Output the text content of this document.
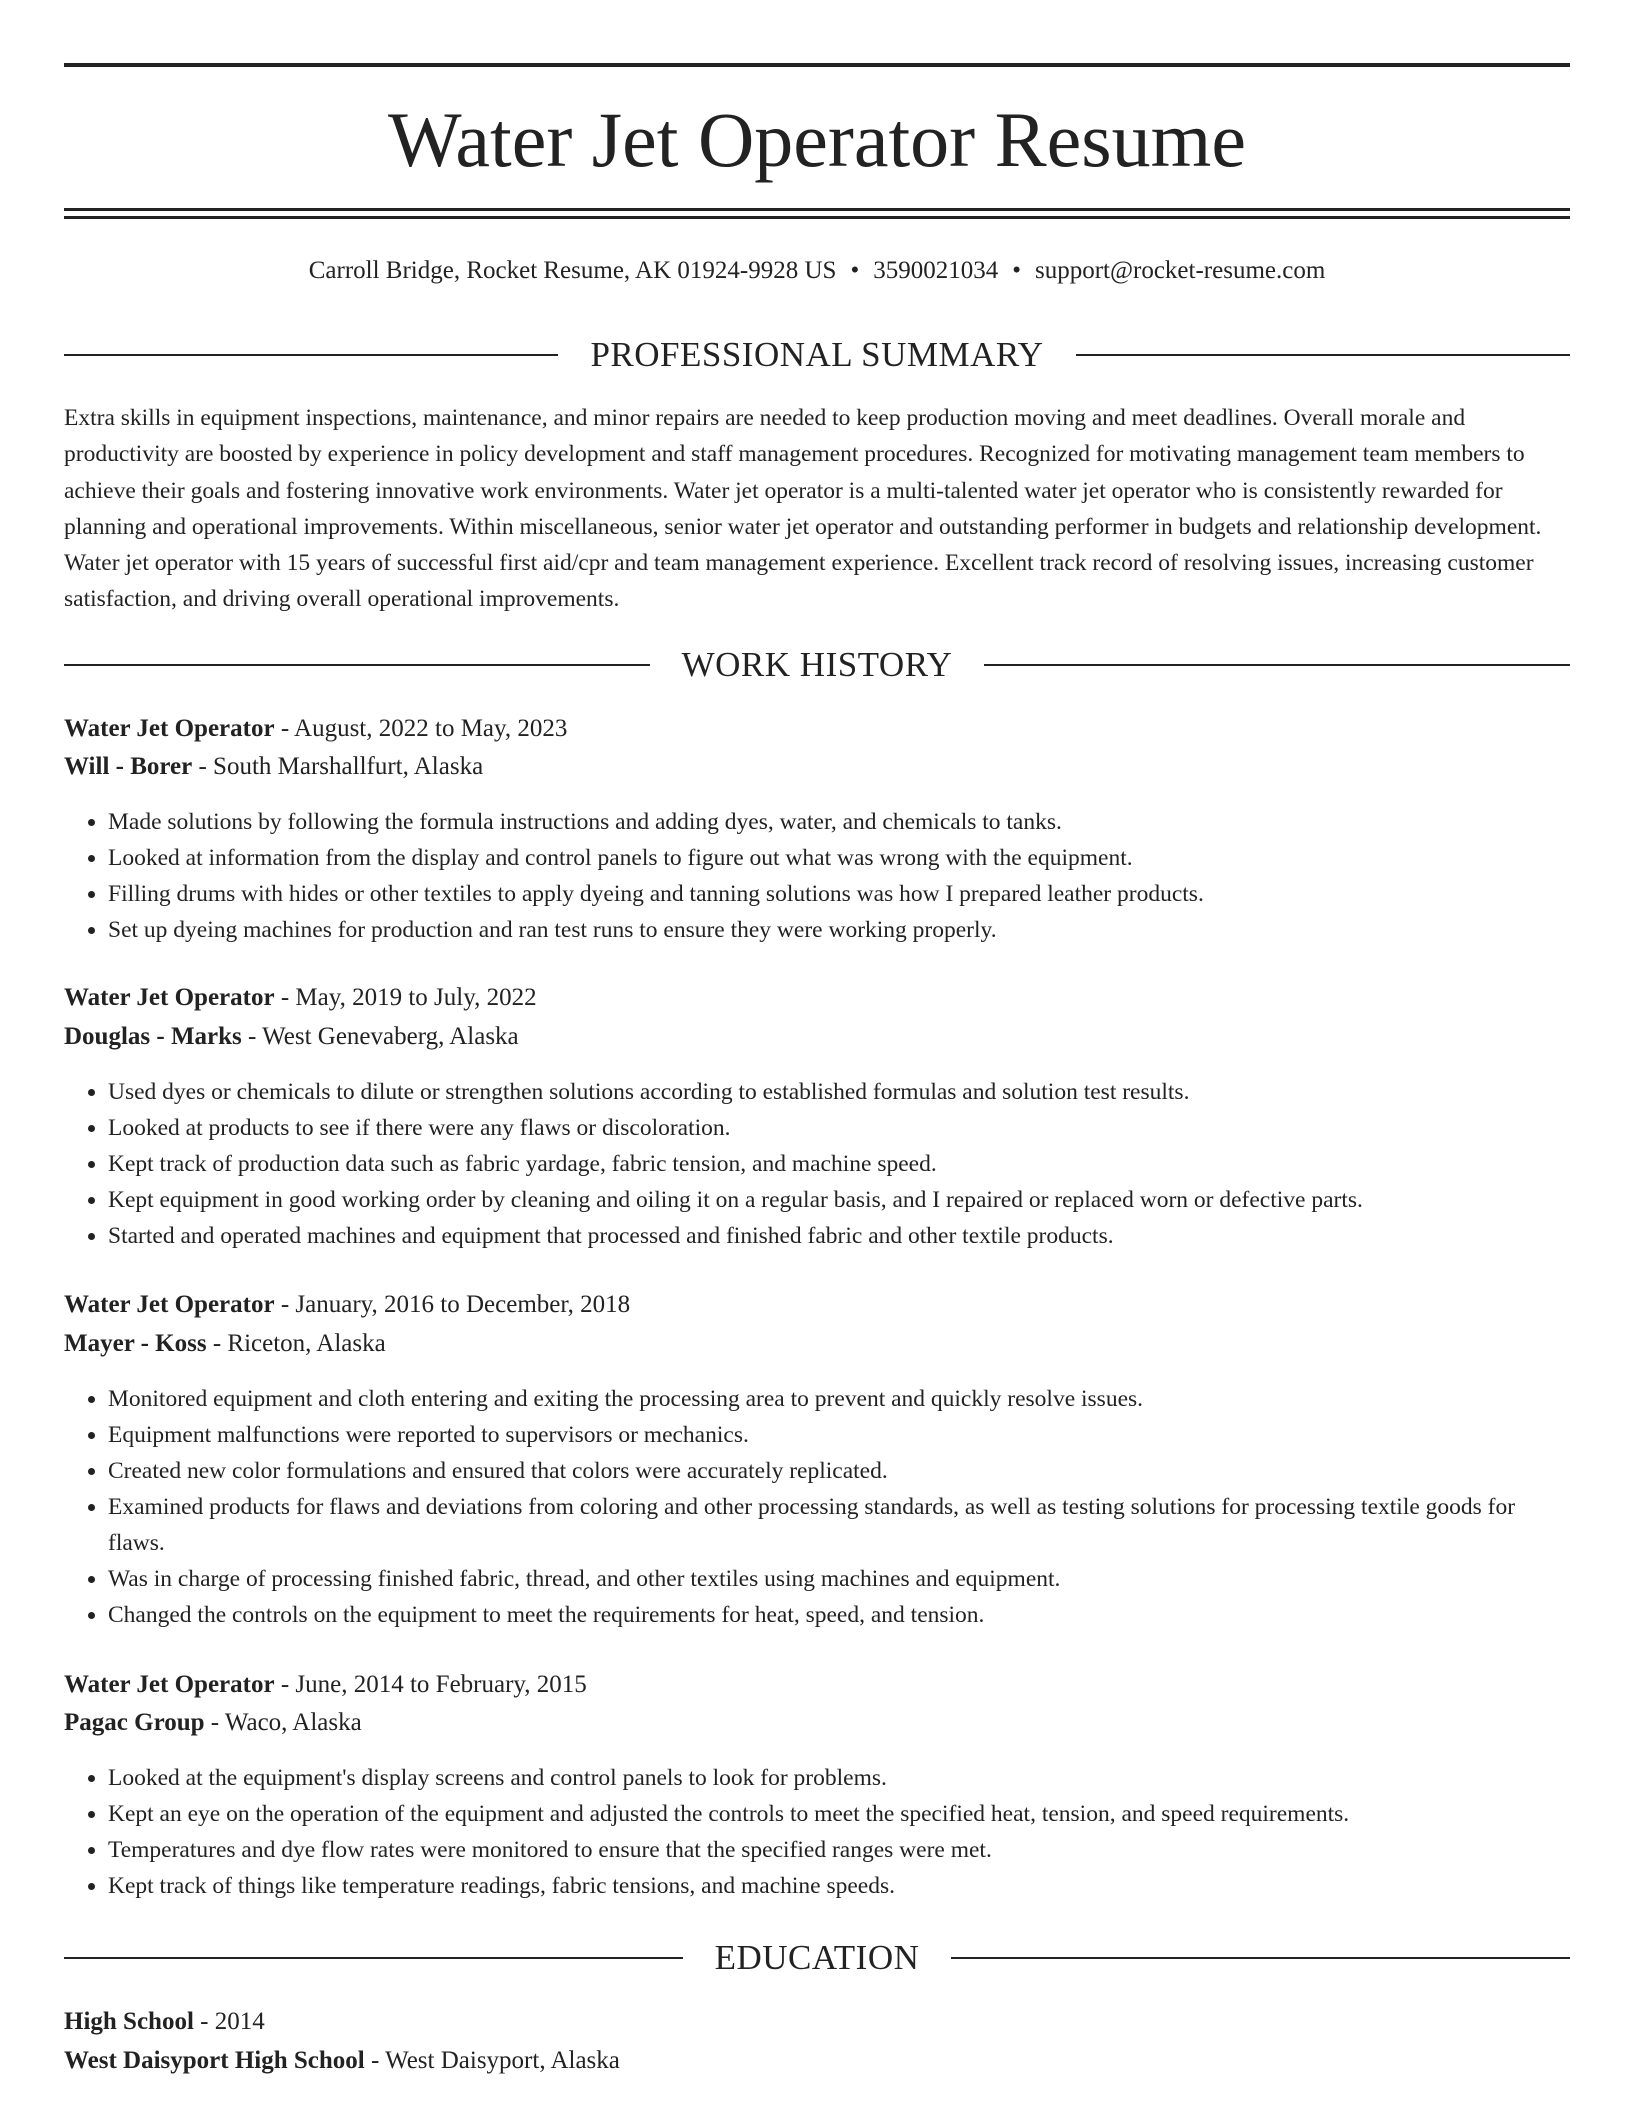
Water Jet Operator Resume
Carroll Bridge, Rocket Resume, AK 01924-9928 US • 3590021034 • support@rocket-resume.com
PROFESSIONAL SUMMARY

Extra skills in equipment inspections, maintenance, and minor repairs are needed to keep production moving and meet deadlines. Overall morale and productivity are boosted by experience in policy development and staff management procedures. Recognized for motivating management team members to achieve their goals and fostering innovative work environments. Water jet operator is a multi-talented water jet operator who is consistently rewarded for planning and operational improvements. Within miscellaneous, senior water jet operator and outstanding performer in budgets and relationship development. Water jet operator with 15 years of successful first aid/cpr and team management experience. Excellent track record of resolving issues, increasing customer satisfaction, and driving overall operational improvements.

WORK HISTORY
Water Jet Operator - August, 2022 to May, 2023
Will - Borer - South Marshallfurt, Alaska
• Made solutions by following the formula instructions and adding dyes, water, and chemicals to tanks.
• Looked at information from the display and control panels to figure out what was wrong with the equipment.
• Filling drums with hides or other textiles to apply dyeing and tanning solutions was how I prepared leather products.
• Set up dyeing machines for production and ran test runs to ensure they were working properly.
Water Jet Operator - May, 2019 to July, 2022
Douglas - Marks - West Genevaberg, Alaska
• Used dyes or chemicals to dilute or strengthen solutions according to established formulas and solution test results.
• Looked at products to see if there were any flaws or discoloration.
• Kept track of production data such as fabric yardage, fabric tension, and machine speed.
• Kept equipment in good working order by cleaning and oiling it on a regular basis, and I repaired or replaced worn or defective parts.
• Started and operated machines and equipment that processed and finished fabric and other textile products.
Water Jet Operator - January, 2016 to December, 2018
Mayer - Koss - Riceton, Alaska
• Monitored equipment and cloth entering and exiting the processing area to prevent and quickly resolve issues.
• Equipment malfunctions were reported to supervisors or mechanics.
• Created new color formulations and ensured that colors were accurately replicated.
• Examined products for flaws and deviations from coloring and other processing standards, as well as testing solutions for processing textile goods for flaws.
• Was in charge of processing finished fabric, thread, and other textiles using machines and equipment.
• Changed the controls on the equipment to meet the requirements for heat, speed, and tension.
Water Jet Operator - June, 2014 to February, 2015
Pagac Group - Waco, Alaska
• Looked at the equipment's display screens and control panels to look for problems.
• Kept an eye on the operation of the equipment and adjusted the controls to meet the specified heat, tension, and speed requirements.
• Temperatures and dye flow rates were monitored to ensure that the specified ranges were met.
• Kept track of things like temperature readings, fabric tensions, and machine speeds.
EDUCATION
High School - 2014
West Daisyport High School - West Daisyport, Alaska
